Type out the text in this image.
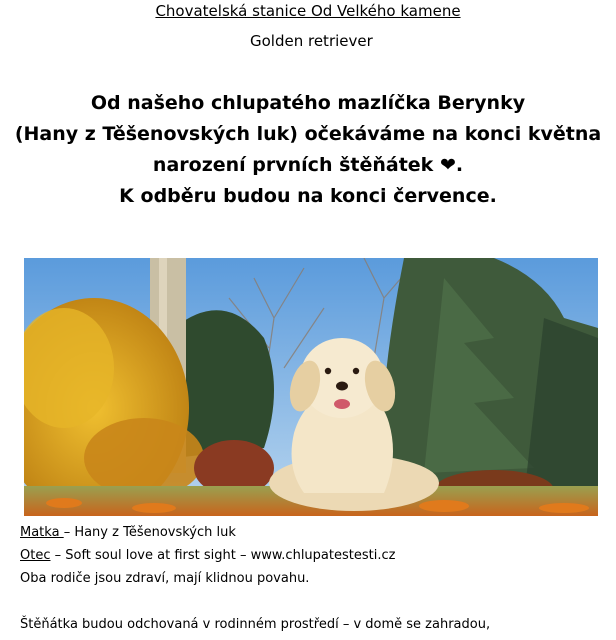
Chovatelská stanice Od Velkého kamene
Golden retriever
Od našeho chlupatého mazlíčka Berynky
(Hany z Těšenovských luk) očekáváme na konci května
narození prvních štěňátek ❤.
K odběru budou na konci července.
Matka – Hany z Těšenovských luk
Otec – Soft soul love at first sight – www.chlupatestesti.cz
Oba rodiče jsou zdraví, mají klidnou povahu.
Štěňátka budou odchovaná v rodinném prostředí – v domě se zahradou,
